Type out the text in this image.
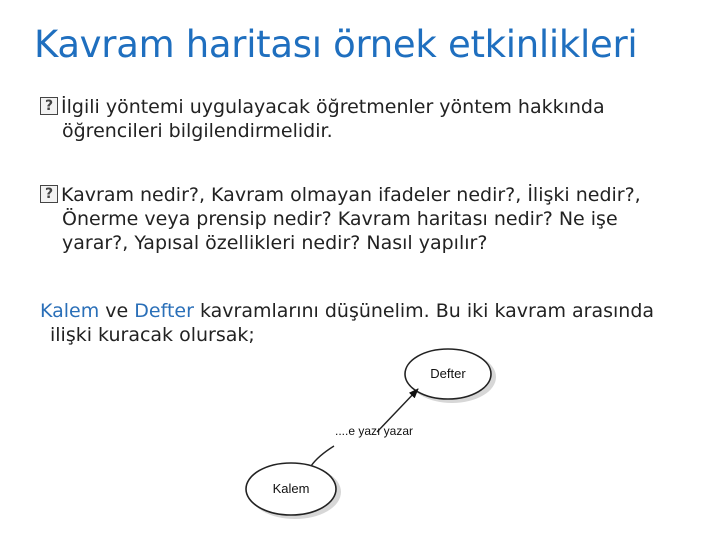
Kavram haritası örnek etkinlikleri
?İlgili yöntemi uygulayacak öğretmenler yöntem hakkında
öğrencileri bilgilendirmelidir.
?Kavram nedir?, Kavram olmayan ifadeler nedir?, İlişki nedir?,
Önerme veya prensip nedir? Kavram haritası nedir? Ne işe
yarar?, Yapısal özellikleri nedir? Nasıl yapılır?
Kalem ve Defter kavramlarını düşünelim. Bu iki kavram arasında
ilişki kuracak olursak;
Defter
....e yazı yazar
Kalem
